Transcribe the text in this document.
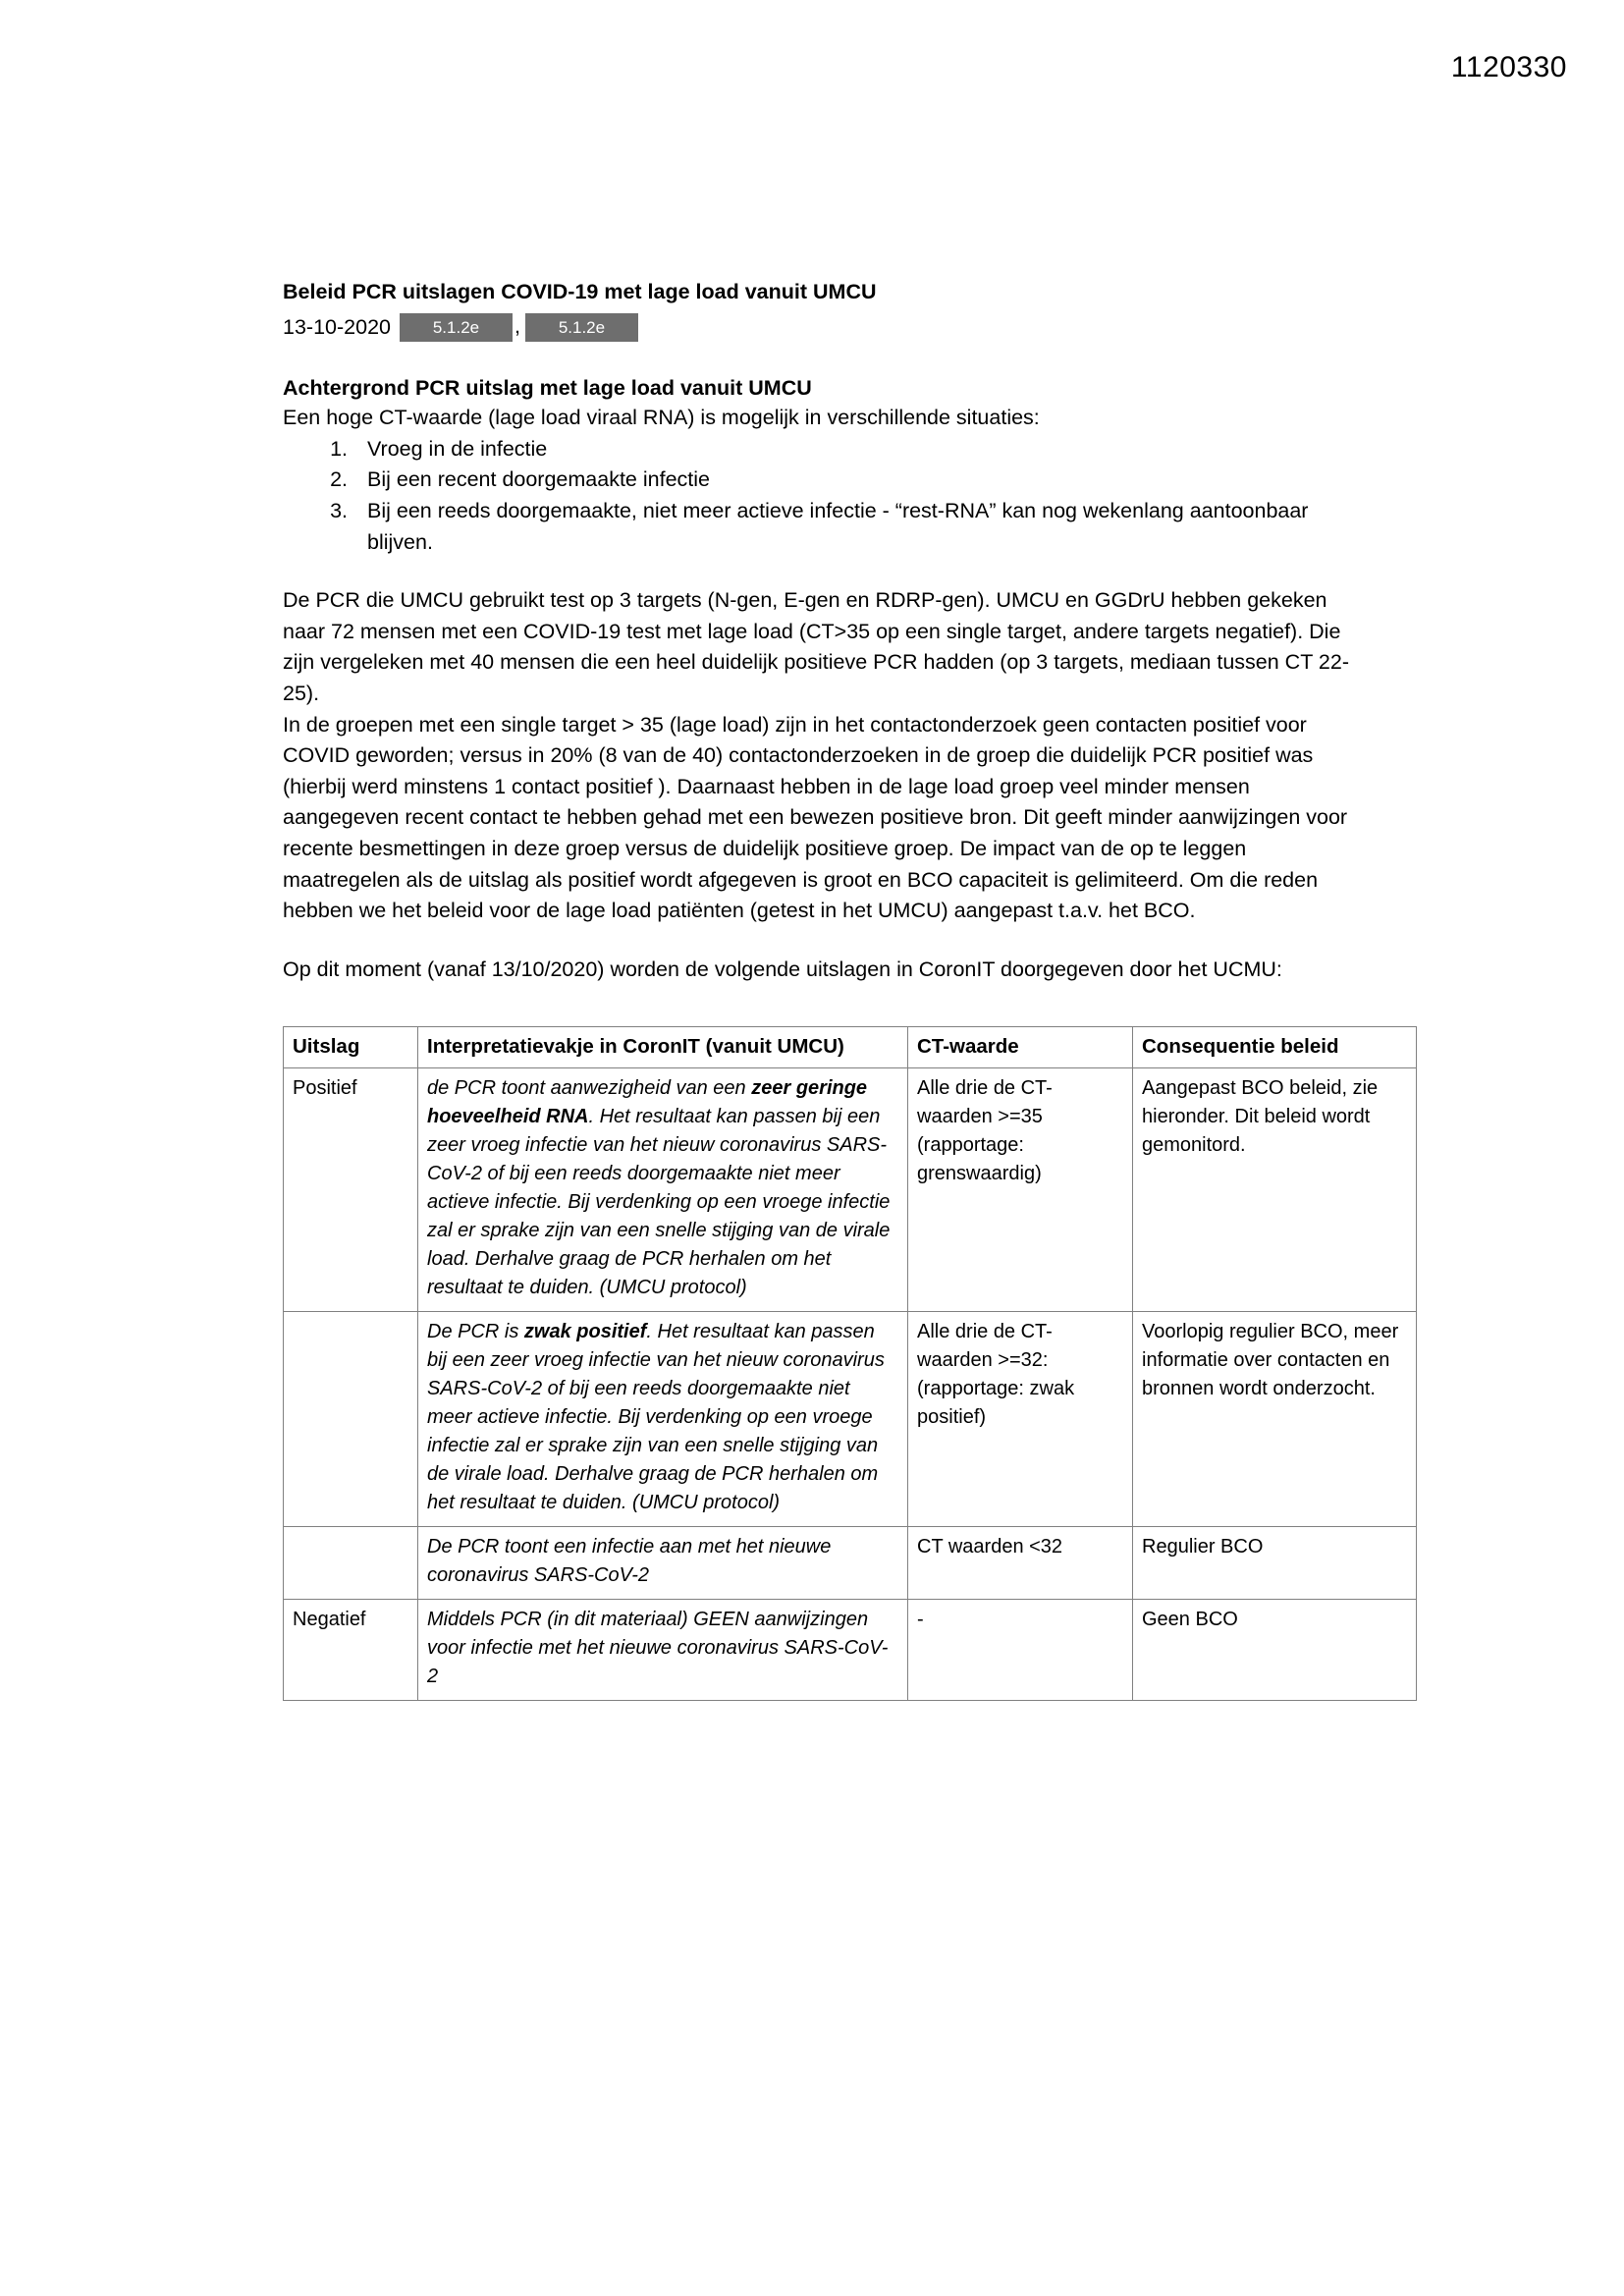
1120330
Beleid PCR uitslagen COVID-19 met lage load vanuit UMCU
13-10-2020	5.1.2e	,	5.1.2e
Achtergrond PCR uitslag met lage load vanuit UMCU

Een hoge CT-waarde (lage load viraal RNA) is mogelijk in verschillende situaties:

1. Vroeg in de infectie
2. Bij een recent doorgemaakte infectie
3. Bij een reeds doorgemaakte, niet meer actieve infectie - “rest-RNA” kan nog wekenlang aantoonbaar blijven.

De PCR die UMCU gebruikt test op 3 targets (N-gen, E-gen en RDRP-gen). UMCU en GGDrU hebben gekeken naar 72 mensen met een COVID-19 test met lage load (CT>35 op een single target, andere targets negatief). Die zijn vergeleken met 40 mensen die een heel duidelijk positieve PCR hadden (op 3 targets, mediaan tussen CT 22-25).

In de groepen met een single target > 35 (lage load) zijn in het contactonderzoek geen contacten positief voor COVID geworden; versus in 20% (8 van de 40) contactonderzoeken in de groep die duidelijk PCR positief was (hierbij werd minstens 1 contact positief ). Daarnaast hebben in de lage load groep veel minder mensen aangegeven recent contact te hebben gehad met een bewezen positieve bron. Dit geeft minder aanwijzingen voor recente besmettingen in deze groep versus de duidelijk positieve groep. De impact van de op te leggen maatregelen als de uitslag als positief wordt afgegeven is groot en BCO capaciteit is gelimiteerd. Om die reden hebben we het beleid voor de lage load patiënten (getest in het UMCU) aangepast t.a.v. het BCO.

Op dit moment (vanaf 13/10/2020) worden de volgende uitslagen in CoronIT doorgegeven door het UCMU:

Uitslag	Interpretatievakje in CoronIT (vanuit UMCU)	CT-waarde	Consequentie beleid
Positief	de PCR toont aanwezigheid van een zeer geringe hoeveelheid RNA. Het resultaat kan passen bij een zeer vroeg infectie van het nieuw coronavirus SARS-CoV-2 of bij een reeds doorgemaakte niet meer actieve infectie. Bij verdenking op een vroege infectie zal er sprake zijn van een snelle stijging van de virale load. Derhalve graag de PCR herhalen om het resultaat te duiden. (UMCU protocol)	Alle drie de CT-waarden >=35 (rapportage: grenswaardig)	Aangepast BCO beleid, zie hieronder. Dit beleid wordt gemonitord.
	De PCR is zwak positief. Het resultaat kan passen bij een zeer vroeg infectie van het nieuw coronavirus SARS-CoV-2 of bij een reeds doorgemaakte niet meer actieve infectie. Bij verdenking op een vroege infectie zal er sprake zijn van een snelle stijging van de virale load. Derhalve graag de PCR herhalen om het resultaat te duiden. (UMCU protocol)	Alle drie de CT-waarden >=32: (rapportage: zwak positief)	Voorlopig regulier BCO, meer informatie over contacten en bronnen wordt onderzocht.
	De PCR toont een infectie aan met het nieuwe coronavirus SARS-CoV-2	CT waarden <32	Regulier BCO
Negatief	Middels PCR (in dit materiaal) GEEN aanwijzingen voor infectie met het nieuwe coronavirus SARS-CoV-2	-	Geen BCO
